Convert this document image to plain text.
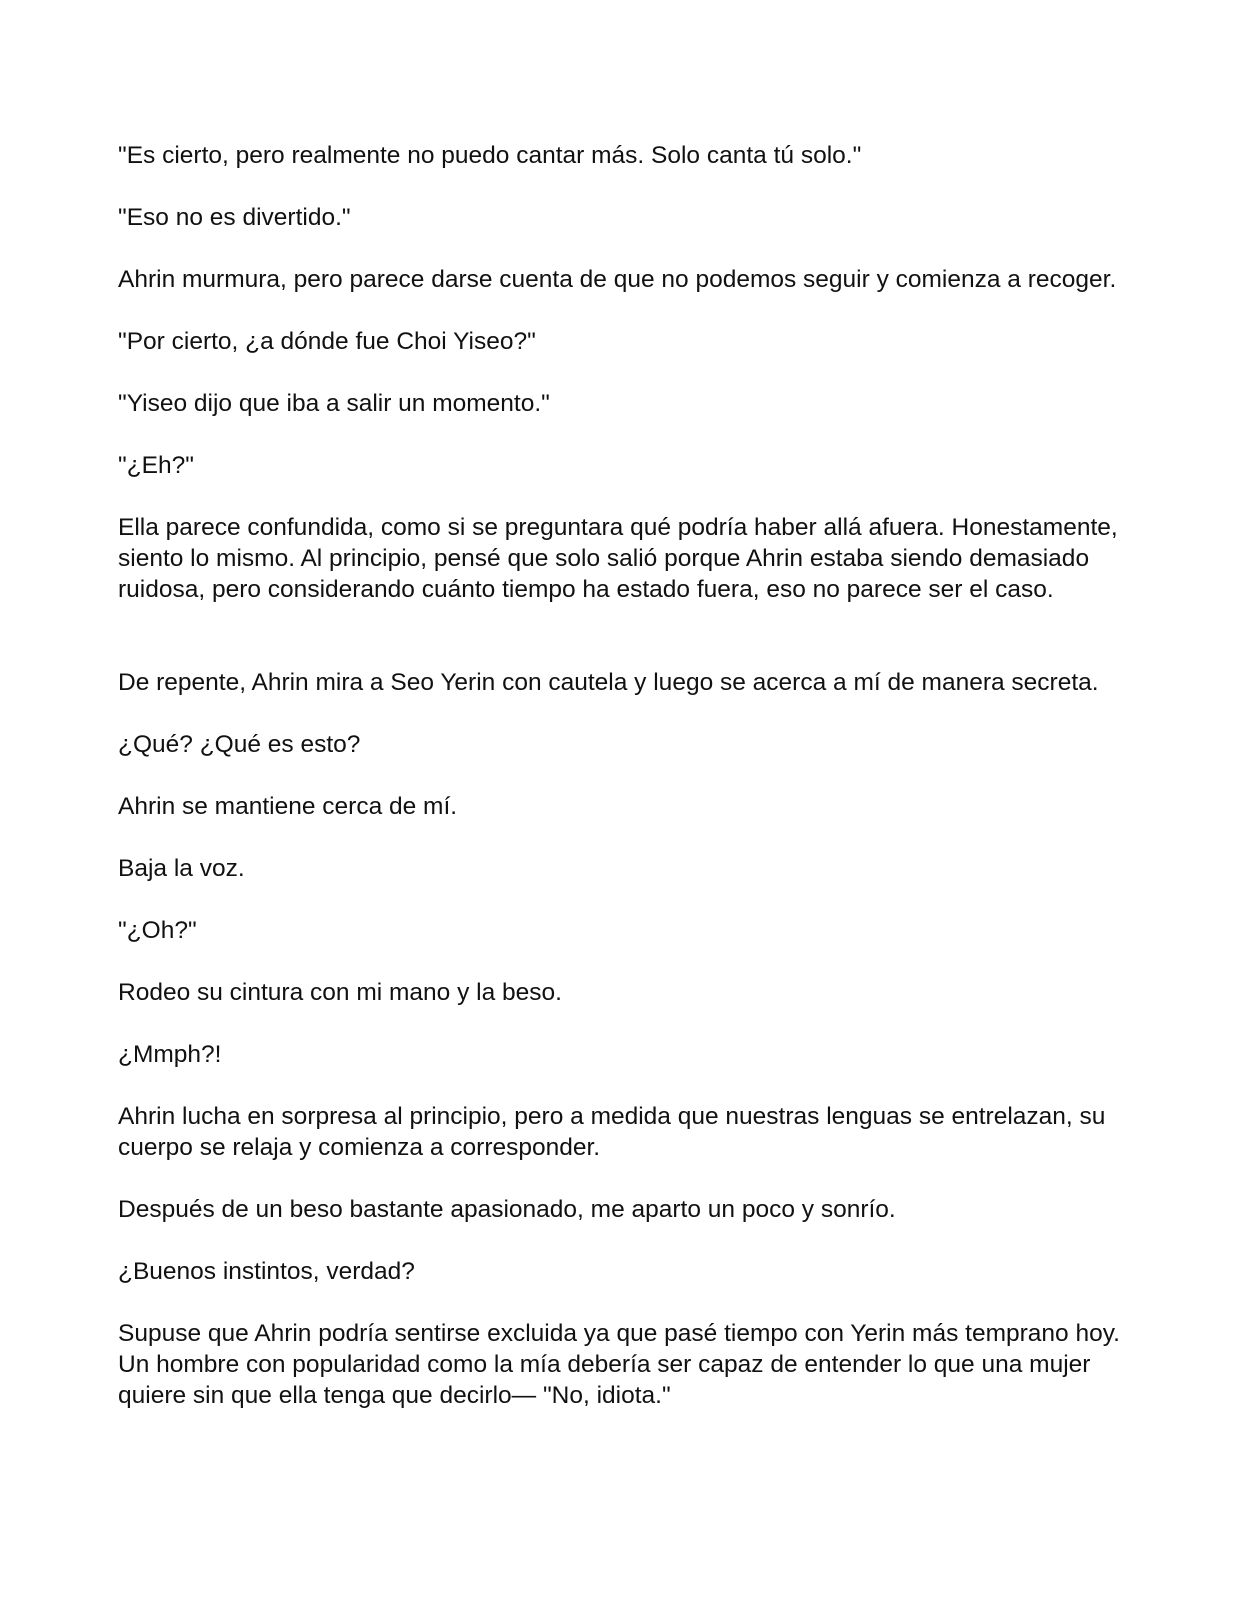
"Es cierto, pero realmente no puedo cantar más. Solo canta tú solo."

"Eso no es divertido."

Ahrin murmura, pero parece darse cuenta de que no podemos seguir y comienza a recoger.

"Por cierto, ¿a dónde fue Choi Yiseo?"

"Yiseo dijo que iba a salir un momento."

"¿Eh?"

Ella parece confundida, como si se preguntara qué podría haber allá afuera. Honestamente, siento lo mismo. Al principio, pensé que solo salió porque Ahrin estaba siendo demasiado ruidosa, pero considerando cuánto tiempo ha estado fuera, eso no parece ser el caso.

De repente, Ahrin mira a Seo Yerin con cautela y luego se acerca a mí de manera secreta.

¿Qué? ¿Qué es esto?

Ahrin se mantiene cerca de mí.

Baja la voz.

"¿Oh?"

Rodeo su cintura con mi mano y la beso.

¿Mmph?!

Ahrin lucha en sorpresa al principio, pero a medida que nuestras lenguas se entrelazan, su cuerpo se relaja y comienza a corresponder.

Después de un beso bastante apasionado, me aparto un poco y sonrío.

¿Buenos instintos, verdad?

Supuse que Ahrin podría sentirse excluida ya que pasé tiempo con Yerin más temprano hoy. Un hombre con popularidad como la mía debería ser capaz de entender lo que una mujer quiere sin que ella tenga que decirlo— "No, idiota."
